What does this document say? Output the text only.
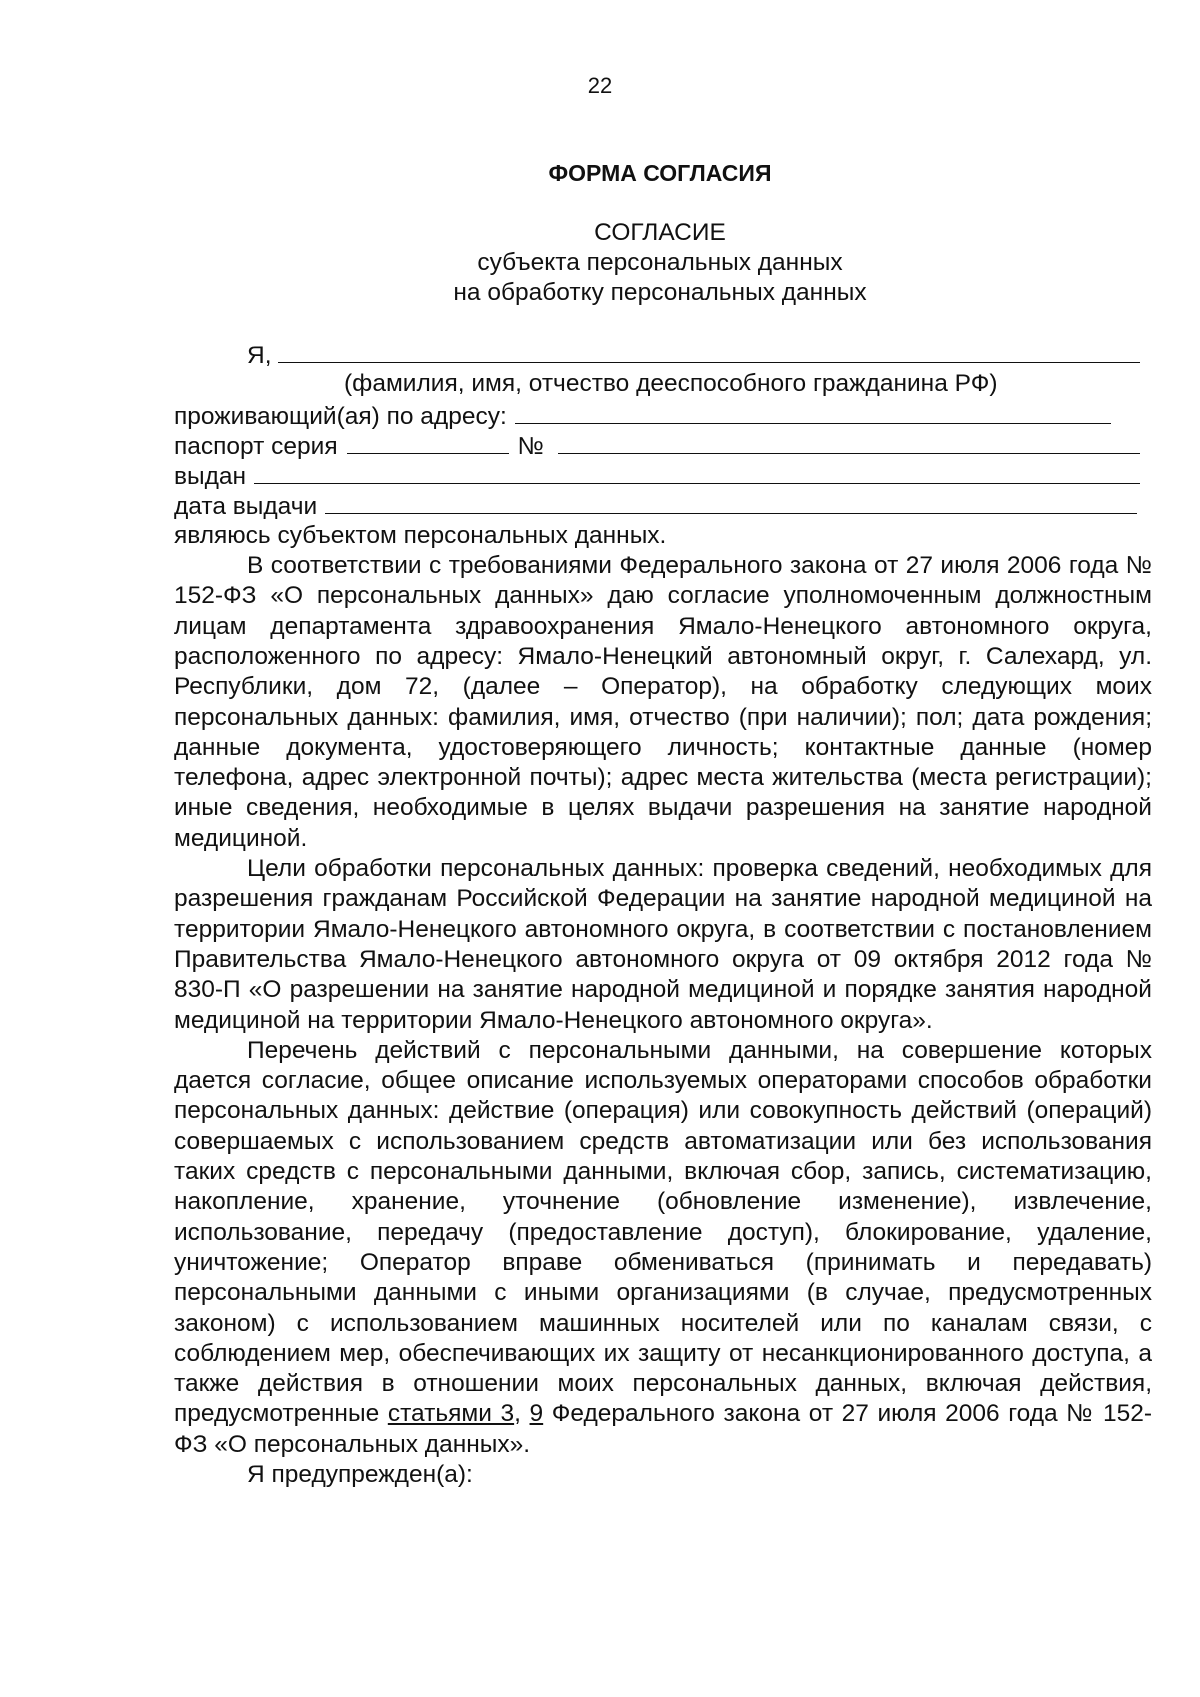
22
ФОРМА СОГЛАСИЯ
СОГЛАСИЕ
субъекта персональных данных
на обработку персональных данных
Я,
(фамилия, имя, отчество дееспособного гражданина РФ)
проживающий(ая) по адресу:
паспорт серия	№
выдан
дата выдачи
являюсь субъектом персональных данных.

В соответствии с требованиями Федерального закона от 27 июля 2006 года № 152-ФЗ «О персональных данных» даю согласие уполномоченным должностным лицам департамента здравоохранения Ямало-Ненецкого автономного округа, расположенного по адресу: Ямало-Ненецкий автономный округ, г. Салехард, ул. Республики, дом 72, (далее – Оператор), на обработку следующих моих персональных данных: фамилия, имя, отчество (при наличии); пол; дата рождения; данные документа, удостоверяющего личность; контактные данные (номер телефона, адрес электронной почты); адрес места жительства (места регистрации); иные сведения, необходимые в целях выдачи разрешения на занятие народной медициной.

Цели обработки персональных данных: проверка сведений, необходимых для разрешения гражданам Российской Федерации на занятие народной медициной на территории Ямало-Ненецкого автономного округа, в соответствии с постановлением Правительства Ямало-Ненецкого автономного округа от 09 октября 2012 года № 830-П «О разрешении на занятие народной медициной и порядке занятия народной медициной на территории Ямало-Ненецкого автономного округа».

Перечень действий с персональными данными, на совершение которых дается согласие, общее описание используемых операторами способов обработки персональных данных: действие (операция) или совокупность действий (операций) совершаемых с использованием средств автоматизации или без использования таких средств с персональными данными, включая сбор, запись, систематизацию, накопление, хранение, уточнение (обновление изменение), извлечение, использование, передачу (предоставление доступ), блокирование, удаление, уничтожение; Оператор вправе обмениваться (принимать и передавать) персональными данными с иными организациями (в случае, предусмотренных законом) с использованием машинных носителей или по каналам связи, с соблюдением мер, обеспечивающих их защиту от несанкционированного доступа, а также действия в отношении моих персональных данных, включая действия, предусмотренные статьями 3, 9 Федерального закона от 27 июля 2006 года № 152-ФЗ «О персональных данных».

Я предупрежден(а):
